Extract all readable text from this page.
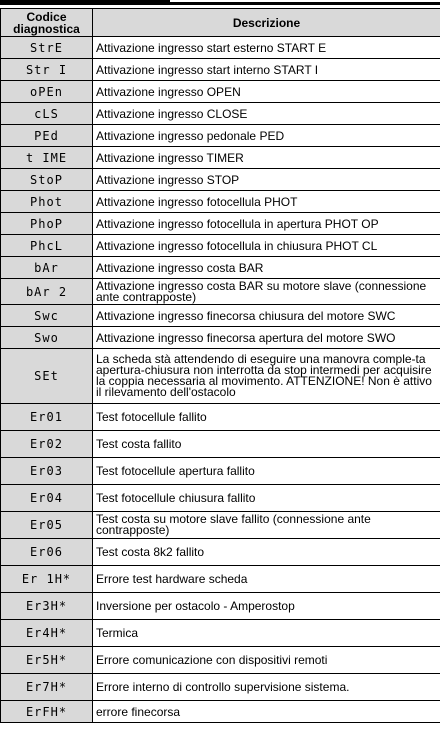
Codice diagnostica	Descrizione
StrE	Attivazione ingresso start esterno START E
Str I	Attivazione ingresso start interno START I
oPEn	Attivazione ingresso OPEN
cLS	Attivazione ingresso CLOSE
PEd	Attivazione ingresso pedonale PED
t IME	Attivazione ingresso TIMER
StoP	Attivazione ingresso STOP
Phot	Attivazione ingresso fotocellula PHOT
PhoP	Attivazione ingresso fotocellula in apertura PHOT OP
PhcL	Attivazione ingresso fotocellula in chiusura PHOT CL
bAr	Attivazione ingresso costa BAR
bAr 2	Attivazione ingresso costa BAR su motore slave (connessione ante contrapposte)
Swc	Attivazione ingresso finecorsa chiusura del motore SWC
Swo	Attivazione ingresso finecorsa apertura del motore SWO
SEt	La scheda stà attendendo di eseguire una manovra comple-ta apertura-chiusura non interrotta da stop intermedi per acquisire la coppia necessaria al movimento. ATTENZIONE! Non è attivo il rilevamento dell'ostacolo
Er01	Test fotocellule fallito
Er02	Test costa fallito
Er03	Test fotocellule apertura fallito
Er04	Test fotocellule chiusura fallito
Er05	Test costa su motore slave fallito (connessione ante contrapposte)
Er06	Test costa 8k2 fallito
Er 1H*	Errore test hardware scheda
Er3H*	Inversione per ostacolo - Amperostop
Er4H*	Termica
Er5H*	Errore comunicazione con dispositivi remoti
Er7H*	Errore interno di controllo supervisione sistema.
ErFH*	errore finecorsa
